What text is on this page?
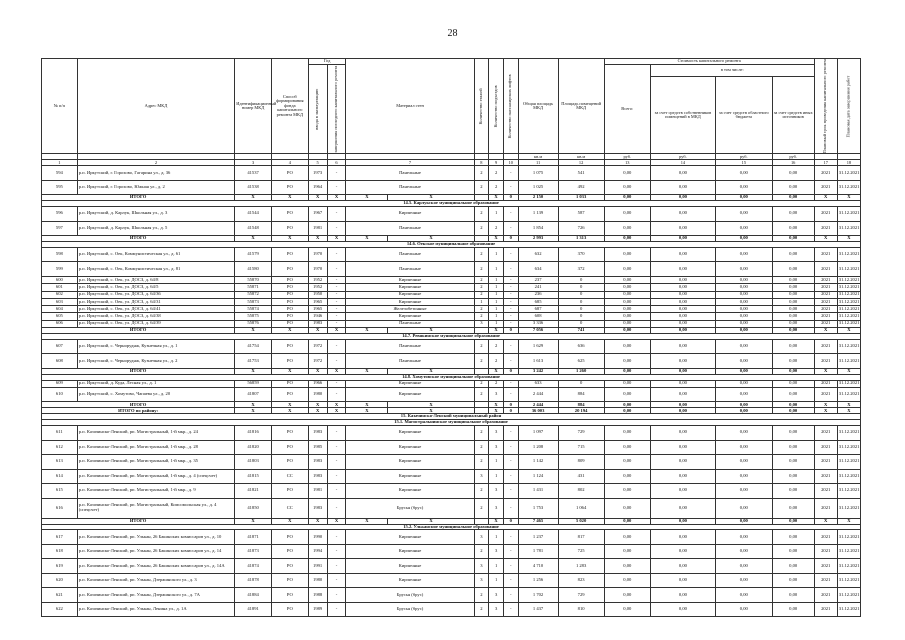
28
№ п/п	Адрес МКД	Идентификационный номер МКД	Способ формирования фонда капитального ремонта МКД	Год		Материал стен		Количество этажей	Количество подъездов	Количество пассажирских лифтов	Общая площадь МКД	Площадь помещений МКД	Стоимость капитального ремонта				Плановый срок проведения капитального ремонта	Плановая дата завершения работ
				ввода в эксплуатацию	завершения последнего капитального ремонта								Всего:	в том числе:				
														за счет средств собственников помещений в МКД	за счет средств областного бюджета	за счет средств иных источников		
											кв.м	кв.м	руб.	руб.	руб.	руб.		
1	2	3	4	5	6	7		8	9	10	11	12	13	14	15	16	17	18
594	р.п. Иркутский, г. Горохово, Гагарина ул., д. 36	41537	РО	1973	-	Панельные		2	2	-	1 075	541	0,00	0,00	0,00	0,00	2021	31.12.2021
595	р.п. Иркутский, г. Горохово, Южная ул., д. 2	41538	РО	1964	-	Панельные		2	2	-	1 025	492	0,00	0,00	0,00	0,00	2021	31.12.2021
ИТОГО		X	X	X	X	X	X		X	0	2 150	1 033	0,00	0,00	0,00	0,00	X	X
14.5. Карлукское муниципальное образование																		
596	р.п. Иркутский, д. Карлук, Школьная ул., д. 3	41544	РО	1967	-	Кирпичные		2	1	-	1 139	587	0,00	0,00	0,00	0,00	2021	31.12.2021
597	р.п. Иркутский, д. Карлук, Школьная ул., д. 5	41548	РО	1981	-	Панельные		2	2	-	1 854	726	0,00	0,00	0,00	0,00	2021	31.12.2021
ИТОГО		X	X	X	X	X	X		X	0	2 993	1 313	0,00	0,00	0,00	0,00	X	X
14.6. Оекское муниципальное образование																		
598	р.п. Иркутский, с. Оек, Коммунистическая ул., д. 61	41579	РО	1970	-	Панельные		2	1	-	632	370	0,00	0,00	0,00	0,00	2021	31.12.2021
599	р.п. Иркутский, с. Оек, Коммунистическая ул., д. 81	41580	РО	1970	-	Панельные		2	1	-	634	372	0,00	0,00	0,00	0,00	2021	31.12.2021
600	р.п. Иркутский, с. Оек, ул. ДОСЗ, д. 64/8	55870	РО	1952	-	Кирпичные		2	1	-	237	0	0,00	0,00	0,00	0,00	2021	31.12.2021
601	р.п. Иркутский, с. Оек, ул. ДОСЗ, д. 64/5	55871	РО	1952	-	Кирпичные		2	1	-	241	0	0,00	0,00	0,00	0,00	2021	31.12.2021
602	р.п. Иркутский, с. Оек, ул. ДОСЗ, д. 64/36	55872	РО	1950	-	Кирпичные		2	1	-	236	0	0,00	0,00	0,00	0,00	2021	31.12.2021
603	р.п. Иркутский, с. Оек, ул. ДОСЗ, д. 64/31	55873	РО	1965	-	Кирпичные		1	1	-	685	0	0,00	0,00	0,00	0,00	2021	31.12.2021
604	р.п. Иркутский, с. Оек, ул. ДОСЗ, д. 64/41	55874	РО	1965	-	Железобетонные		2	1	-	687	0	0,00	0,00	0,00	0,00	2021	31.12.2021
605	р.п. Иркутский, с. Оек, ул. ДОСЗ, д. 64/38	55875	РО	1946	-	Кирпичные		2	1	-	608	0	0,00	0,00	0,00	0,00	2021	31.12.2021
606	р.п. Иркутский, с. Оек, ул. ДОСЗ, д. 64/39	55876	РО	1983	-	Панельные		3	1	-	3 336	0	0,00	0,00	0,00	0,00	2021	31.12.2021
ИТОГО		X	X	X	X	X	X		X	0	7 056	741	0,00	0,00	0,00	0,00	X	X
14.7. Ревякинское муниципальное образование																		
607	р.п. Иркутский, с. Черноруднж, Кузнечная ул., д. 1	41754	РО	1972	-	Панельные		2	2	-	1 629	636	0,00	0,00	0,00	0,00	2021	31.12.2021
608	р.п. Иркутский, с. Черноруднж, Кузнечная ул., д. 2	41753	РО	1972	-	Панельные		2	2	-	1 613	625	0,00	0,00	0,00	0,00	2021	31.12.2021
ИТОГО		X	X	X	X	X	X		X	0	3 242	1 260	0,00	0,00	0,00	0,00	X	X
14.8. Хомутовское муниципальное образование																		
609	р.п. Иркутский, д. Куда, Лесная ул., д. 1	56859	РО	1966	-	Кирпичные		2	2	-	633	0	0,00	0,00	0,00	0,00	2021	31.12.2021
610	р.п. Иркутский, с. Хомутово, Чапаева ул., д. 20	41807	РО	1980	-	Кирпичные		2	3	-	2 444	884	0,00	0,00	0,00	0,00	2021	31.12.2021
ИТОГО		X	X	X	X	X	X		X	0	2 444	884	0,00	0,00	0,00	0,00	X	X
ИТОГО по району:		X	X	X	X	X	X		X	0	36 003	20 194	0,00	0,00	0,00	0,00	X	X
15. Казачинско-Ленский муниципальный район																		
15.1. Магистральнинское муниципальное образование																		
611	р.п. Казачинско-Ленский, рп. Магистральный, 1-й мкр., д. 24	41816	РО	1983	-	Кирпичные		2	3	-	1 097	729	0,00	0,00	0,00	0,00	2021	31.12.2021
612	р.п. Казачинско-Ленский, рп. Магистральный, 1-й мкр., д. 28	41820	РО	1985	-	Кирпичные		2	3	-	1 208	715	0,00	0,00	0,00	0,00	2021	31.12.2021
613	р.п. Казачинско-Ленский, рп. Магистральный, 1-й мкр., д. 35	41803	РО	1983	-	Кирпичные		2	1	-	1 142	809	0,00	0,00	0,00	0,00	2021	31.12.2021
614	р.п. Казачинско-Ленский, рп. Магистральный, 1-й мкр., д. 4 (спецсчет)	41815	СС	1983	-	Кирпичные		3	1	-	1 124	431	0,00	0,00	0,00	0,00	2021	31.12.2021
615	р.п. Казачинско-Ленский, рп. Магистральный, 1-й мкр., д. 9	41821	РО	1981	-	Кирпичные		2	3	-	1 431	802	0,00	0,00	0,00	0,00	2021	31.12.2021
616	р.п. Казачинско-Ленский, рп. Магистральный, Комсомольская ул., д. 4 (спецсчет)	41850	СС	1983	-	Брусья (брус)		2	3	-	1 753	1 064	0,00	0,00	0,00	0,00	2021	31.12.2021
ИТОГО		X	X	X	X	X	X		X	0	7 465	5 020	0,00	0,00	0,00	0,00	X	X
15.2. Улькансное муниципальное образование																		
617	р.п. Казачинско-Ленский, рп. Улькан, 26 Бакинских комиссаров ул., д. 10	41871	РО	1990	-	Кирпичные		3	1	-	1 237	817	0,00	0,00	0,00	0,00	2021	31.12.2021
618	р.п. Казачинско-Ленский, рп. Улькан, 26 Бакинских комиссаров ул., д. 14	41873	РО	1994	-	Кирпичные		2	3	-	1 781	725	0,00	0,00	0,00	0,00	2021	31.12.2021
619	р.п. Казачинско-Ленский, рп. Улькан, 26 Бакинских комиссаров ул., д. 14А	41874	РО	1991	-	Кирпичные		3	1	-	4 710	1 283	0,00	0,00	0,00	0,00	2021	31.12.2021
620	р.п. Казачинско-Ленский, рп. Улькан, Дзержинского ул., д. 3	41878	РО	1980	-	Кирпичные		3	1	-	1 256	823	0,00	0,00	0,00	0,00	2021	31.12.2021
621	р.п. Казачинско-Ленский, рп. Улькан, Дзержинского ул., д. 7А	41884	РО	1988	-	Брусья (брус)		2	3	-	1 702	729	0,00	0,00	0,00	0,00	2021	31.12.2021
622	р.п. Казачинско-Ленский, рп. Улькан, Ленина ул., д. 1А	41891	РО	1989	-	Брусья (брус)		2	3	-	1 437	810	0,00	0,00	0,00	0,00	2021	31.12.2021
